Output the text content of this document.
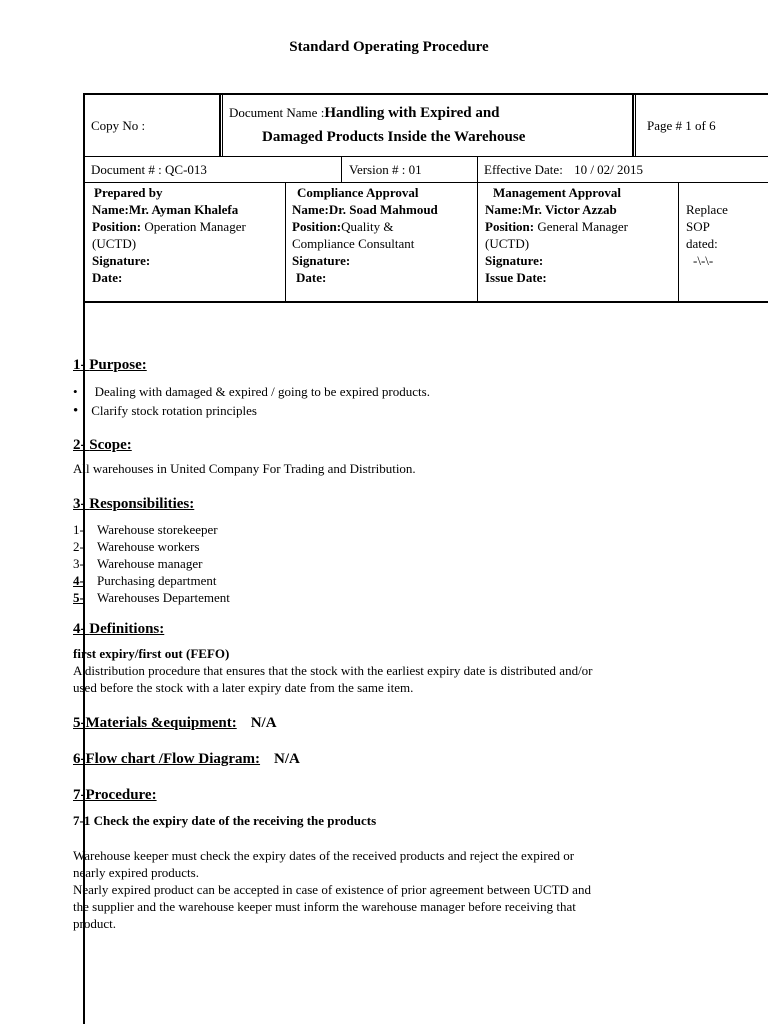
Standard Operating Procedure
Copy No :
Document Name :Handling with Expired and
Damaged Products Inside the Warehouse
Page # 1 of 6
Document # : QC-013	Version # : 01	Effective Date: 10 / 02/ 2015
Prepared by
Name:Mr. Ayman Khalefa
Position: Operation Manager
(UCTD)
Signature:
Date:
Compliance Approval
Name:Dr. Soad Mahmoud
Position:Quality &
Compliance Consultant
Signature:
Date:
Management Approval
Name:Mr. Victor Azzab
Position: General Manager
(UCTD)
Signature:
Issue Date:
Replace
SOP
dated:
-\-\-
1- Purpose:
• Dealing with damaged & expired / going to be expired products.
• Clarify stock rotation principles
2- Scope:
All warehouses in United Company For Trading and Distribution.
3- Responsibilities:
1- Warehouse storekeeper
2- Warehouse workers
3- Warehouse manager
4- Purchasing department
5- Warehouses Departement
4- Definitions:
first expiry/first out (FEFO)
A distribution procedure that ensures that the stock with the earliest expiry date is distributed and/or
used before the stock with a later expiry date from the same item.
5-Materials &equipment: N/A
6-Flow chart /Flow Diagram: N/A
7-Procedure:
7-1 Check the expiry date of the receiving the products
Warehouse keeper must check the expiry dates of the received products and reject the expired or
nearly expired products.
Nearly expired product can be accepted in case of existence of prior agreement between UCTD and
the supplier and the warehouse keeper must inform the warehouse manager before receiving that
product.
